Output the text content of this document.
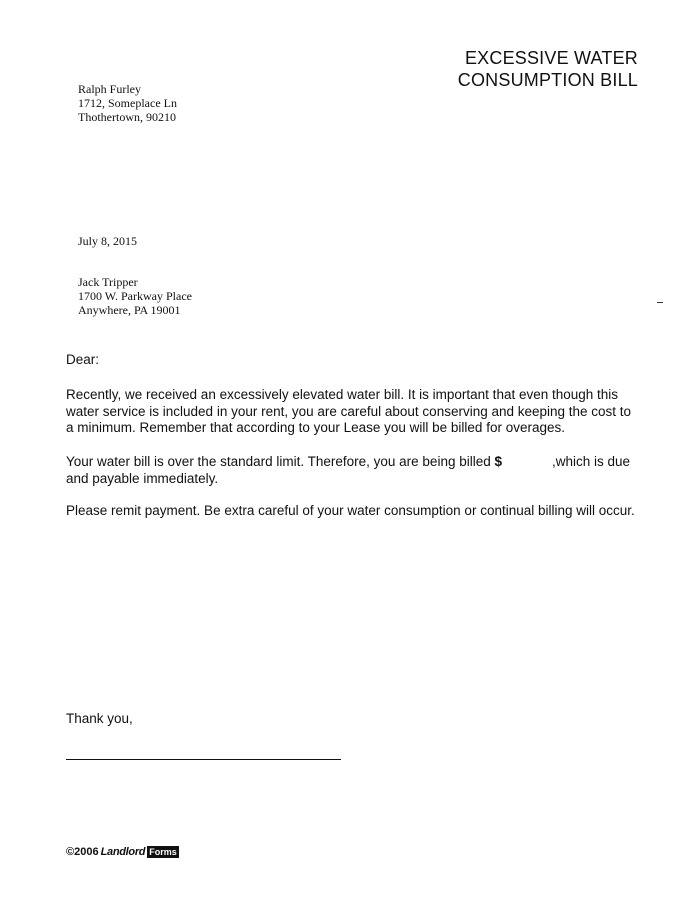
EXCESSIVE WATER
CONSUMPTION BILL
Ralph Furley
1712, Someplace Ln
Thothertown, 90210
July 8, 2015
Jack Tripper
1700 W. Parkway Place
Anywhere, PA 19001
Dear:
Recently, we received an excessively elevated water bill. It is important that even though this water service is included in your rent, you are careful about conserving and keeping the cost to a minimum. Remember that according to your Lease you will be billed for overages.
Your water bill is over the standard limit. Therefore, you are being billed $	,which is due and payable immediately.
Please remit payment. Be extra careful of your water consumption or continual billing will occur.
Thank you,
©2006 Landlord Forms
